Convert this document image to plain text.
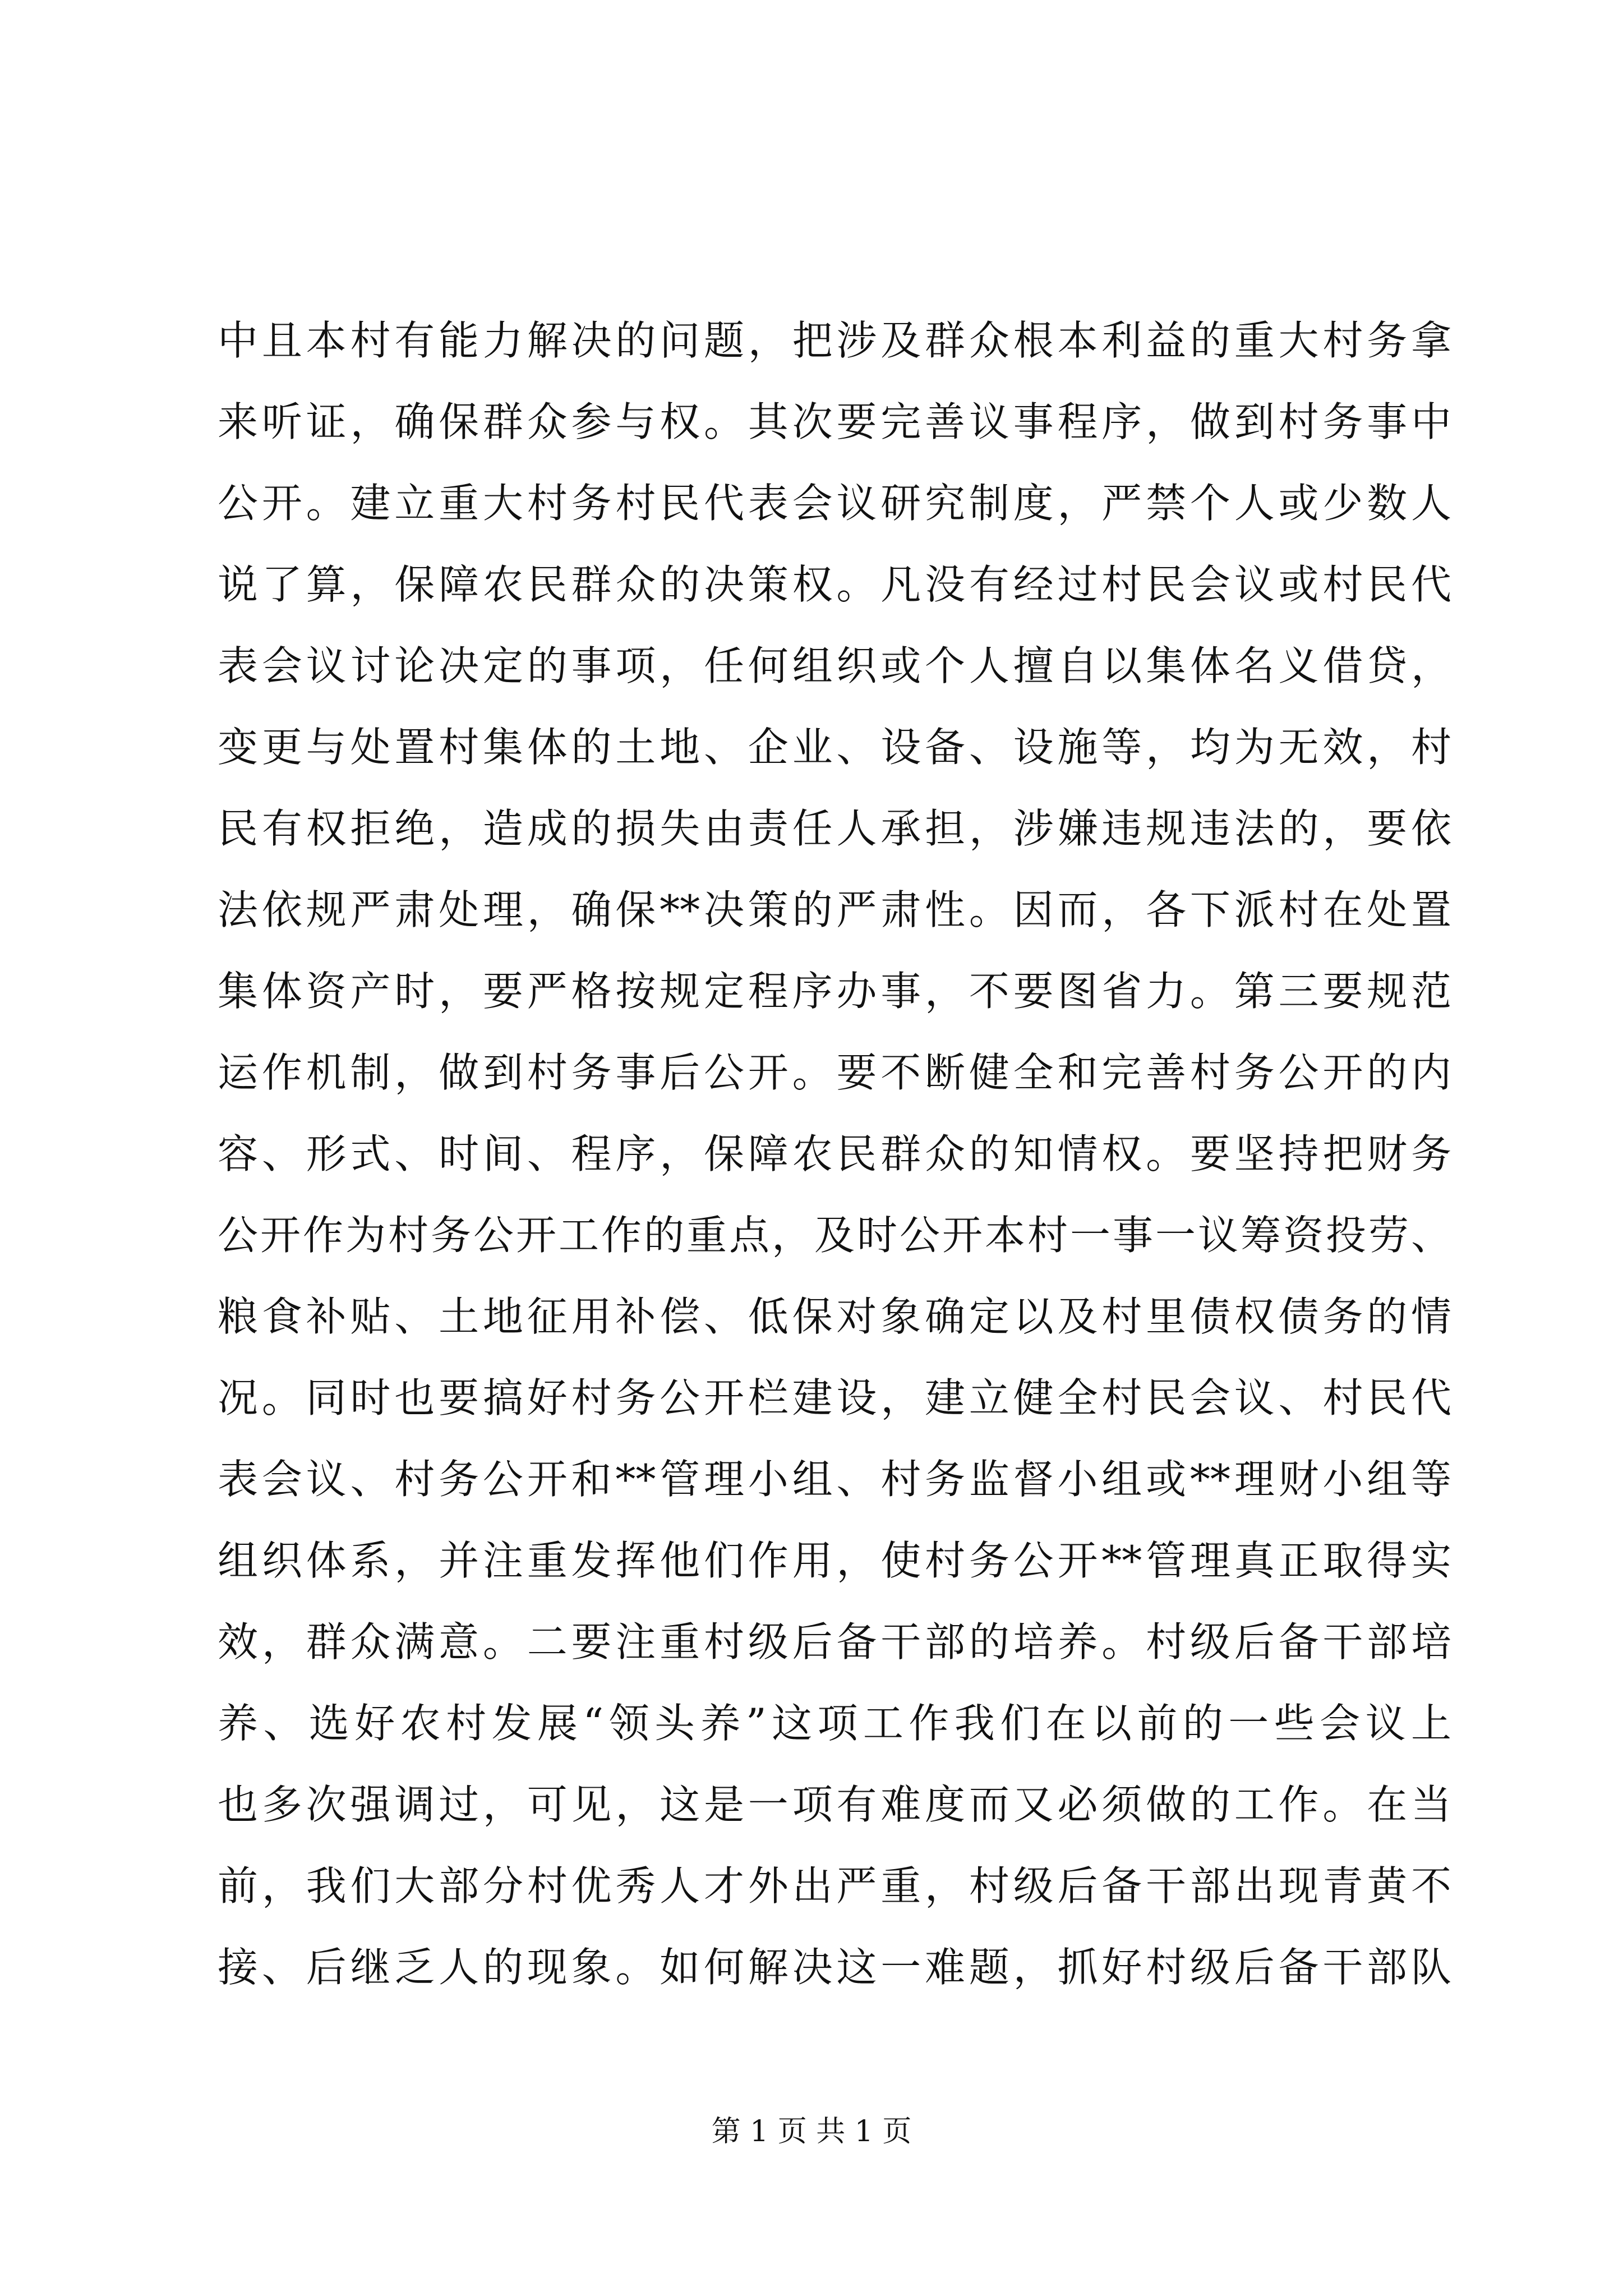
中且本村有能力解决的问题，把涉及群众根本利益的重大村务拿
来听证，确保群众参与权。其次要完善议事程序，做到村务事中
公开。建立重大村务村民代表会议研究制度，严禁个人或少数人
说了算，保障农民群众的决策权。凡没有经过村民会议或村民代
表会议讨论决定的事项，任何组织或个人擅自以集体名义借贷，
变更与处置村集体的土地、企业、设备、设施等，均为无效，村
民有权拒绝，造成的损失由责任人承担，涉嫌违规违法的，要依
法依规严肃处理，确保**决策的严肃性。因而，各下派村在处置
集体资产时，要严格按规定程序办事，不要图省力。第三要规范
运作机制，做到村务事后公开。要不断健全和完善村务公开的内
容、形式、时间、程序，保障农民群众的知情权。要坚持把财务
公开作为村务公开工作的重点，及时公开本村一事一议筹资投劳、
粮食补贴、土地征用补偿、低保对象确定以及村里债权债务的情
况。同时也要搞好村务公开栏建设，建立健全村民会议、村民代
表会议、村务公开和**管理小组、村务监督小组或**理财小组等
组织体系，并注重发挥他们作用，使村务公开**管理真正取得实
效，群众满意。二要注重村级后备干部的培养。村级后备干部培
养、选好农村发展“领头养”这项工作我们在以前的一些会议上
也多次强调过，可见，这是一项有难度而又必须做的工作。在当
前，我们大部分村优秀人才外出严重，村级后备干部出现青黄不
接、后继乏人的现象。如何解决这一难题，抓好村级后备干部队
第 1 页 共 1 页
